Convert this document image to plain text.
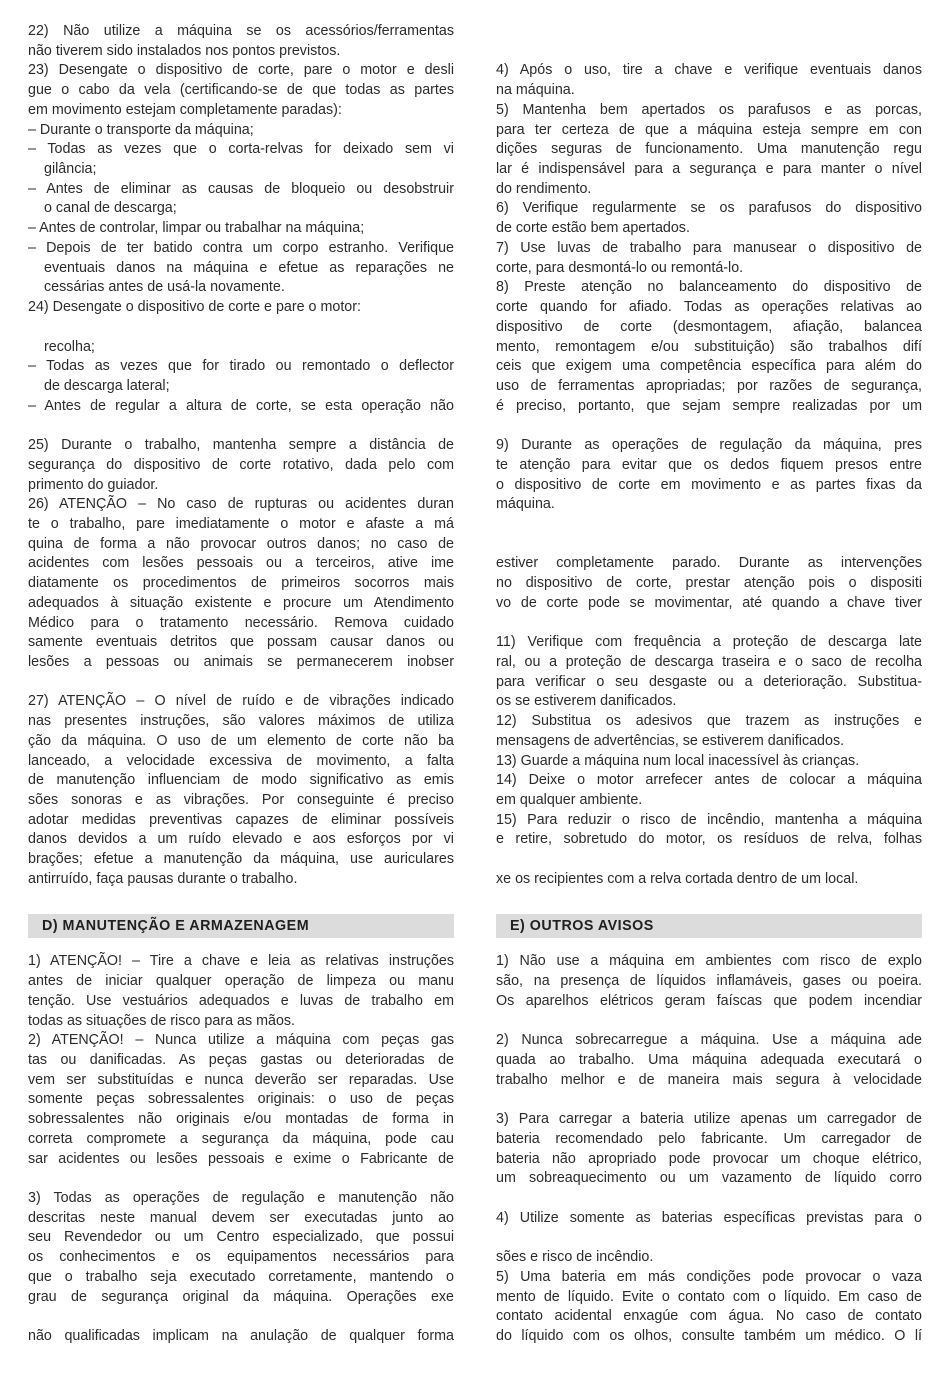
22) Não utilize a máquina se os acessórios/ferramentas
não tiverem sido instalados nos pontos previstos.
23) Desengate o dispositivo de corte, pare o motor e desli
gue o cabo da vela (certificando-se de que todas as partes
em movimento estejam completamente paradas):
– Durante o transporte da máquina;
– Todas as vezes que o corta-relvas for deixado sem vi
gilância;
– Antes de eliminar as causas de bloqueio ou desobstruir
o canal de descarga;
– Antes de controlar, limpar ou trabalhar na máquina;
– Depois de ter batido contra um corpo estranho. Verifique
eventuais danos na máquina e efetue as reparações ne
cessárias antes de usá-la novamente.
24) Desengate o dispositivo de corte e pare o motor:

recolha;
– Todas as vezes que for tirado ou remontado o deflector
de descarga lateral;
– Antes de regular a altura de corte, se esta operação não

25) Durante o trabalho, mantenha sempre a distância de
segurança do dispositivo de corte rotativo, dada pelo com
primento do guiador.
26) ATENÇÃO – No caso de rupturas ou acidentes duran
te o trabalho, pare imediatamente o motor e afaste a má
quina de forma a não provocar outros danos; no caso de
acidentes com lesões pessoais ou a terceiros, ative ime
diatamente os procedimentos de primeiros socorros mais
adequados à situação existente e procure um Atendimento
Médico para o tratamento necessário. Remova cuidado
samente eventuais detritos que possam causar danos ou
lesões a pessoas ou animais se permanecerem inobser

27) ATENÇÃO – O nível de ruído e de vibrações indicado
nas presentes instruções, são valores máximos de utiliza
ção da máquina. O uso de um elemento de corte não ba
lanceado, a velocidade excessiva de movimento, a falta
de manutenção influenciam de modo significativo as emis
sões sonoras e as vibrações. Por conseguinte é preciso
adotar medidas preventivas capazes de eliminar possíveis
danos devidos a um ruído elevado e aos esforços por vi
brações; efetue a manutenção da máquina, use auriculares
antirruído, faça pausas durante o trabalho.

D) MANUTENÇÃO E ARMAZENAGEM
1) ATENÇÃO! – Tire a chave e leia as relativas instruções
antes de iniciar qualquer operação de limpeza ou manu
tenção. Use vestuários adequados e luvas de trabalho em
todas as situações de risco para as mãos.
2) ATENÇÃO! – Nunca utilize a máquina com peças gas
tas ou danificadas. As peças gastas ou deterioradas de
vem ser substituídas e nunca deverão ser reparadas. Use
somente peças sobressalentes originais: o uso de peças
sobressalentes não originais e/ou montadas de forma in
correta compromete a segurança da máquina, pode cau
sar acidentes ou lesões pessoais e exime o Fabricante de

3) Todas as operações de regulação e manutenção não
descritas neste manual devem ser executadas junto ao
seu Revendedor ou um Centro especializado, que possui
os conhecimentos e os equipamentos necessários para
que o trabalho seja executado corretamente, mantendo o
grau de segurança original da máquina. Operações exe

não qualificadas implicam na anulação de qualquer forma

4) Após o uso, tire a chave e verifique eventuais danos
na máquina.
5) Mantenha bem apertados os parafusos e as porcas,
para ter certeza de que a máquina esteja sempre em con
dições seguras de funcionamento. Uma manutenção regu
lar é indispensável para a segurança e para manter o nível
do rendimento.
6) Verifique regularmente se os parafusos do dispositivo
de corte estão bem apertados.
7) Use luvas de trabalho para manusear o dispositivo de
corte, para desmontá-lo ou remontá-lo.
8) Preste atenção no balanceamento do dispositivo de
corte quando for afiado. Todas as operações relativas ao
dispositivo de corte (desmontagem, afiação, balancea
mento, remontagem e/ou substituição) são trabalhos difí
ceis que exigem uma competência específica para além do
uso de ferramentas apropriadas; por razões de segurança,
é preciso, portanto, que sejam sempre realizadas por um

9) Durante as operações de regulação da máquina, pres
te atenção para evitar que os dedos fiquem presos entre
o dispositivo de corte em movimento e as partes fixas da
máquina.

estiver completamente parado. Durante as intervenções
no dispositivo de corte, prestar atenção pois o dispositi
vo de corte pode se movimentar, até quando a chave tiver

11) Verifique com frequência a proteção de descarga late
ral, ou a proteção de descarga traseira e o saco de recolha
para verificar o seu desgaste ou a deterioração. Substitua-
os se estiverem danificados.
12) Substitua os adesivos que trazem as instruções e
mensagens de advertências, se estiverem danificados.
13) Guarde a máquina num local inacessível às crianças.
14) Deixe o motor arrefecer antes de colocar a máquina
em qualquer ambiente.
15) Para reduzir o risco de incêndio, mantenha a máquina
e retire, sobretudo do motor, os resíduos de relva, folhas

xe os recipientes com a relva cortada dentro de um local.

E) OUTROS AVISOS
1) Não use a máquina em ambientes com risco de explo
são, na presença de líquidos inflamáveis, gases ou poeira.
Os aparelhos elétricos geram faíscas que podem incendiar

2) Nunca sobrecarregue a máquina. Use a máquina ade
quada ao trabalho. Uma máquina adequada executará o
trabalho melhor e de maneira mais segura à velocidade

3) Para carregar a bateria utilize apenas um carregador de
bateria recomendado pelo fabricante. Um carregador de
bateria não apropriado pode provocar um choque elétrico,
um sobreaquecimento ou um vazamento de líquido corro

4) Utilize somente as baterias específicas previstas para o

sões e risco de incêndio.
5) Uma bateria em más condições pode provocar o vaza
mento de líquido. Evite o contato com o líquido. Em caso de
contato acidental enxagúe com água. No caso de contato
do líquido com os olhos, consulte também um médico. O lí
